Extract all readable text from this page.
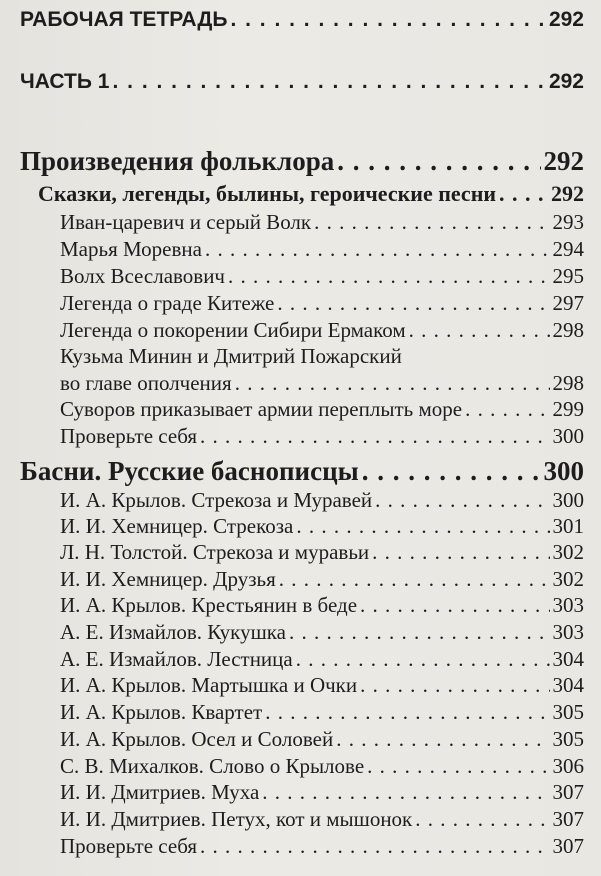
РАБОЧАЯ ТЕТРАДЬ . . .	292
ЧАСТЬ 1 . . .	292
Произведения фольклора . . .	292
Сказки, легенды, былины, героические песни . . . 292
Иван-царевич и серый Волк . . .	293
Марья Моревна . . .	294
Волх Всеславович . . .	295
Легенда о граде Китеже . . .	297
Легенда о покорении Сибири Ермаком . . .	298
Кузьма Минин и Дмитрий Пожарский
во главе ополчения . . .	298
Суворов приказывает армии переплыть море . . .	299
Проверьте себя . . .	300
Басни. Русские баснописцы . . .	300
И. А. Крылов. Стрекоза и Муравей . . .	300
И. И. Хемницер. Стрекоза . . .	301
Л. Н. Толстой. Стрекоза и муравьи . . .	302
И. И. Хемницер. Друзья . . .	302
И. А. Крылов. Крестьянин в беде . . .	303
А. Е. Измайлов. Кукушка . . .	303
А. Е. Измайлов. Лестница . . .	304
И. А. Крылов. Мартышка и Очки . . .	304
И. А. Крылов. Квартет . . .	305
И. А. Крылов. Осел и Соловей . . .	305
С. В. Михалков. Слово о Крылове . . .	306
И. И. Дмитриев. Муха . . .	307
И. И. Дмитриев. Петух, кот и мышонок . . .	307
Проверьте себя . . .	307
